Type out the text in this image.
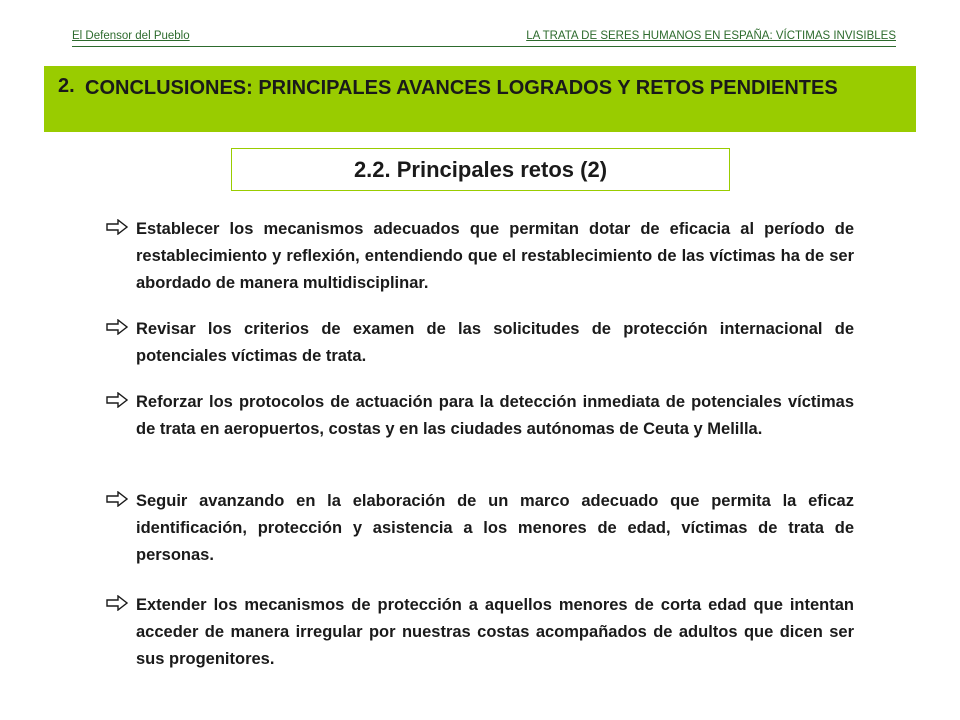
El Defensor del Pueblo	LA TRATA DE SERES HUMANOS EN ESPAÑA: VÍCTIMAS INVISIBLES
2. CONCLUSIONES: PRINCIPALES AVANCES LOGRADOS Y RETOS PENDIENTES
2.2. Principales retos (2)
Establecer los mecanismos adecuados que permitan dotar de eficacia al período de restablecimiento y reflexión, entendiendo que el restablecimiento de las víctimas ha de ser abordado de manera multidisciplinar.
Revisar los criterios de examen de las solicitudes de protección internacional de potenciales víctimas de trata.
Reforzar los protocolos de actuación para la detección inmediata de potenciales víctimas de trata en aeropuertos, costas y en las ciudades autónomas de Ceuta y Melilla.
Seguir avanzando en la elaboración de un marco adecuado que permita la eficaz identificación, protección y asistencia a los menores de edad, víctimas de trata de personas.
Extender los mecanismos de protección a aquellos menores de corta edad que intentan acceder de manera irregular por nuestras costas acompañados de adultos que dicen ser sus progenitores.
